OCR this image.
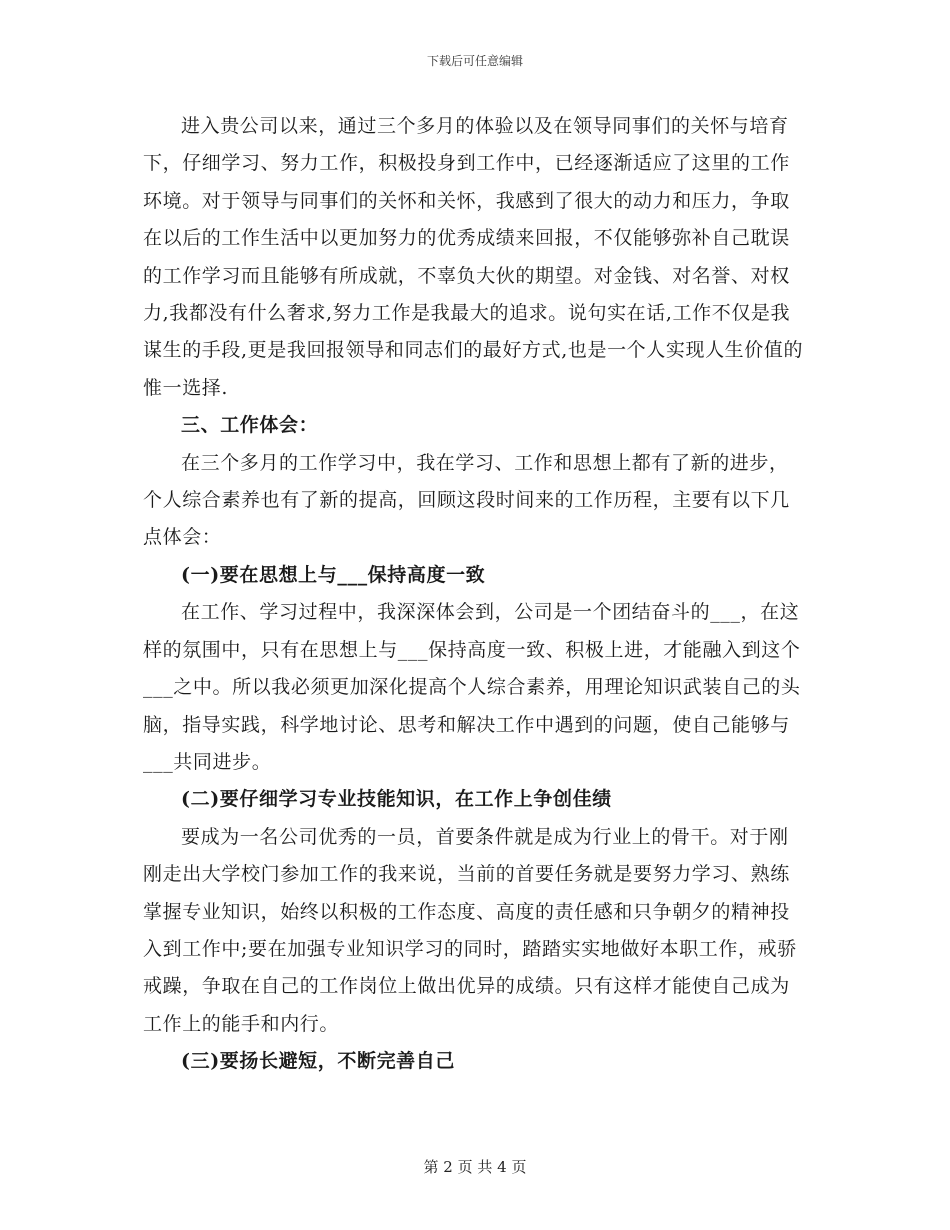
下载后可任意编辑

进入贵公司以来，通过三个多月的体验以及在领导同事们的关怀与培育下，仔细学习、努力工作，积极投身到工作中，已经逐渐适应了这里的工作环境。对于领导与同事们的关怀和关怀，我感到了很大的动力和压力，争取在以后的工作生活中以更加努力的优秀成绩来回报，不仅能够弥补自己耽误的工作学习而且能够有所成就，不辜负大伙的期望。对金钱、对名誉、对权力,我都没有什么奢求,努力工作是我最大的追求。说句实在话,工作不仅是我谋生的手段,更是我回报领导和同志们的最好方式,也是一个人实现人生价值的惟一选择.

三、工作体会：

在三个多月的工作学习中，我在学习、工作和思想上都有了新的进步，个人综合素养也有了新的提高，回顾这段时间来的工作历程，主要有以下几点体会：

(一)要在思想上与___保持高度一致

在工作、学习过程中，我深深体会到，公司是一个团结奋斗的___，在这样的氛围中，只有在思想上与___保持高度一致、积极上进，才能融入到这个___之中。所以我必须更加深化提高个人综合素养，用理论知识武装自己的头脑，指导实践，科学地讨论、思考和解决工作中遇到的问题，使自己能够与___共同进步。

(二)要仔细学习专业技能知识，在工作上争创佳绩

要成为一名公司优秀的一员，首要条件就是成为行业上的骨干。对于刚刚走出大学校门参加工作的我来说，当前的首要任务就是要努力学习、熟练掌握专业知识，始终以积极的工作态度、高度的责任感和只争朝夕的精神投入到工作中;要在加强专业知识学习的同时，踏踏实实地做好本职工作，戒骄戒躁，争取在自己的工作岗位上做出优异的成绩。只有这样才能使自己成为工作上的能手和内行。

(三)要扬长避短，不断完善自己

第 2 页 共 4 页
